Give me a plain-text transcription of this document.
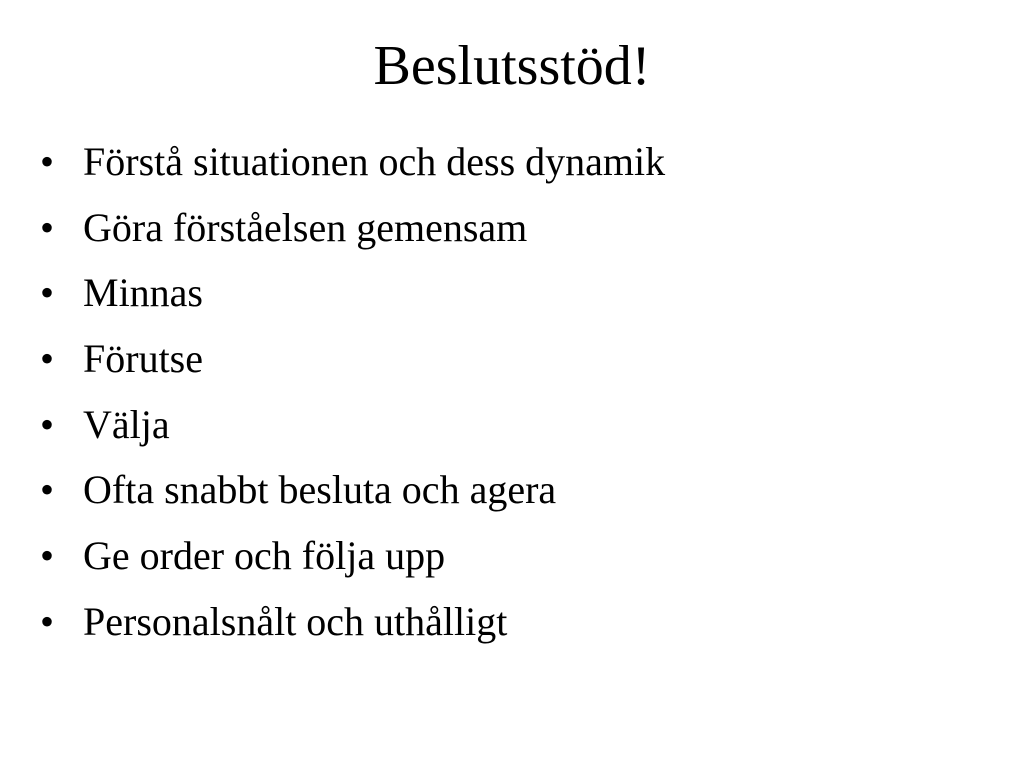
Beslutsstöd!
• Förstå situationen och dess dynamik
• Göra förståelsen gemensam
• Minnas
• Förutse
• Välja
• Ofta snabbt besluta och agera
• Ge order och följa upp
• Personalsnålt och uthålligt
